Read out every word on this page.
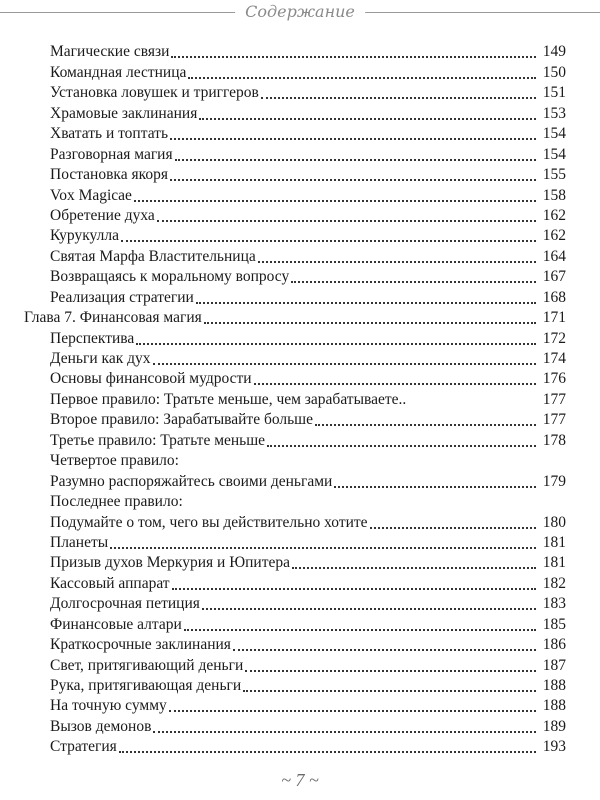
Содержание
Магические связи	149
Командная лестница	150
Установка ловушек и триггеров	151
Храмовые заклинания	153
Хватать и топтать	154
Разговорная магия	154
Постановка якоря	155
Vox Magicae	158
Обретение духа	162
Курукулла	162
Святая Марфа Властительница	164
Возвращаясь к моральному вопросу	167
Реализация стратегии	168
Глава 7. Финансовая магия	171
Перспектива	172
Деньги как дух	174
Основы финансовой мудрости	176
Первое правило: Тратьте меньше, чем зарабатываете..	177
Второе правило: Зарабатывайте больше	177
Третье правило: Тратьте меньше	178
Четвертое правило:
Разумно распоряжайтесь своими деньгами	179
Последнее правило:
Подумайте о том, чего вы действительно хотите	180
Планеты	181
Призыв духов Меркурия и Юпитера	181
Кассовый аппарат	182
Долгосрочная петиция	183
Финансовые алтари	185
Краткосрочные заклинания	186
Свет, притягивающий деньги	187
Рука, притягивающая деньги	188
На точную сумму	188
Вызов демонов	189
Стратегия	193
~ 7 ~
